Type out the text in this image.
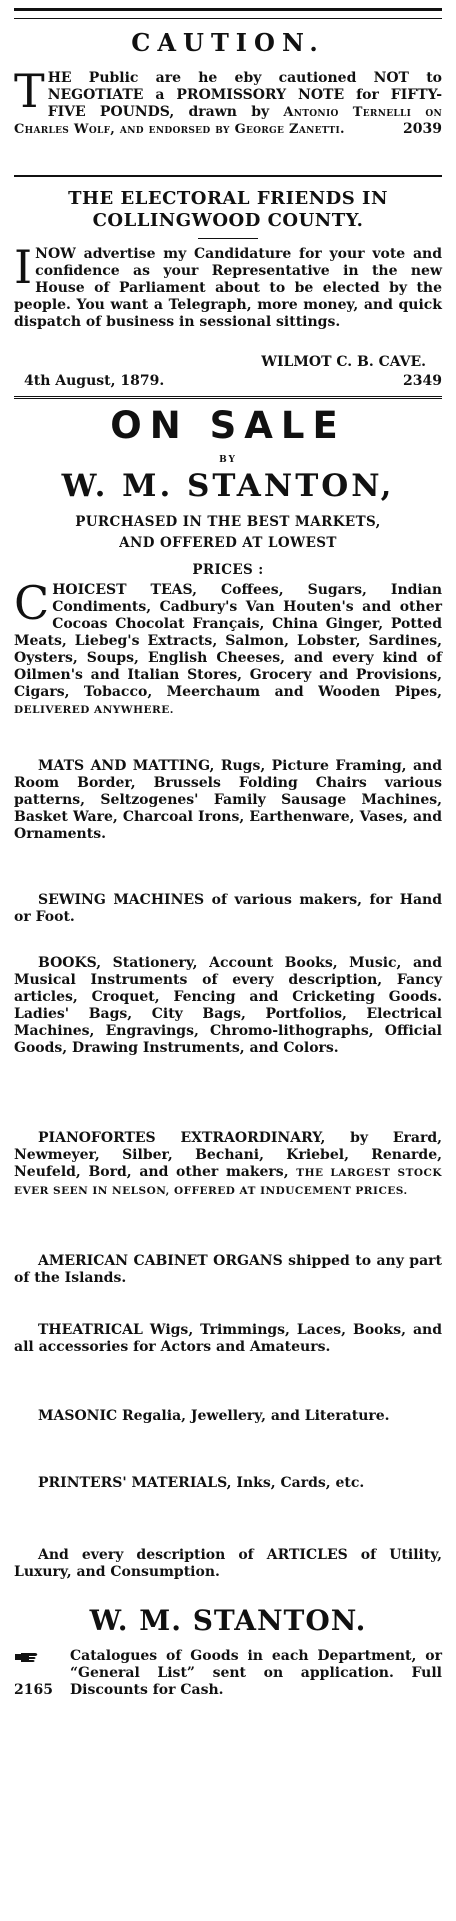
CAUTION.
THE Public are he eby cautioned NOT to NEGOTIATE a PROMISSORY NOTE for FIFTY-FIVE POUNDS, drawn by Antonio Ternelli on Charles Wolf, and endorsed by George Zanetti.	2039
THE ELECTORAL FRIENDS IN
COLLINGWOOD COUNTY.
INOW advertise my Candidature for your vote and confidence as your Representative in the new House of Parliament about to be elected by the people. You want a Telegraph, more money, and quick dispatch of business in sessional sittings.
WILMOT C. B. CAVE.
4th August, 1879.	2349
ON SALE
BY
W. M. STANTON,
PURCHASED IN THE BEST MARKETS,
AND OFFERED AT LOWEST
PRICES :
CHOICEST TEAS, Coffees, Sugars, Indian Condiments, Cadbury's Van Houten's and other Cocoas Chocolat Français, China Ginger, Potted Meats, Liebeg's Extracts, Salmon, Lobster, Sardines, Oysters, Soups, English Cheeses, and every kind of Oilmen's and Italian Stores, Grocery and Provisions, Cigars, Tobacco, Meerchaum and Wooden Pipes, DELIVERED ANYWHERE.
MATS AND MATTING, Rugs, Picture Framing, and Room Border, Brussels Folding Chairs various patterns, Seltzogenes' Family Sausage Machines, Basket Ware, Charcoal Irons, Earthenware, Vases, and Ornaments.
SEWING MACHINES of various makers, for Hand or Foot.
BOOKS, Stationery, Account Books, Music, and Musical Instruments of every description, Fancy articles, Croquet, Fencing and Cricketing Goods. Ladies' Bags, City Bags, Portfolios, Electrical Machines, Engravings, Chromo-lithographs, Official Goods, Drawing Instruments, and Colors.
PIANOFORTES EXTRAORDINARY, by Erard, Newmeyer, Silber, Bechani, Kriebel, Renarde, Neufeld, Bord, and other makers, THE LARGEST STOCK EVER SEEN IN NELSON, OFFERED AT INDUCEMENT PRICES.
AMERICAN CABINET ORGANS shipped to any part of the Islands.
THEATRICAL Wigs, Trimmings, Laces, Books, and all accessories for Actors and Amateurs.
MASONIC Regalia, Jewellery, and Literature.
PRINTERS' MATERIALS, Inks, Cards, etc.
And every description of ARTICLES of Utility, Luxury, and Consumption.
W. M. STANTON.
Catalogues of Goods in each Department, or “General List” sent on application. Full Discounts for Cash.
2165
